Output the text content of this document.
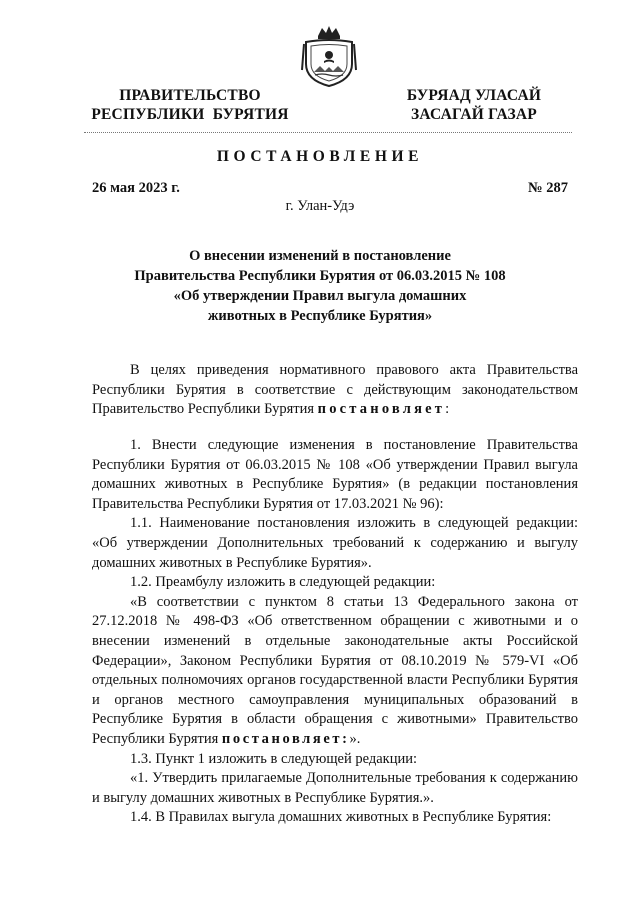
ПРАВИТЕЛЬСТВО
РЕСПУБЛИКИ  БУРЯТИЯ
БУРЯАД УЛАСАЙ
ЗАСАГАЙ ГАЗАР
ПОСТАНОВЛЕНИЕ
26 мая 2023 г.	№ 287
г. Улан-Удэ
О внесении изменений в постановление
Правительства Республики Бурятия от 06.03.2015 № 108
«Об утверждении Правил выгула домашних
животных в Республике Бурятия»

В целях приведения нормативного правового акта Правительства Республики Бурятия в соответствие с действующим законодательством Правительство Республики Бурятия постановляет:

1. Внести следующие изменения в постановление Правительства Республики Бурятия от 06.03.2015 № 108 «Об утверждении Правил выгула домашних животных в Республике Бурятия» (в редакции постановления Правительства Республики Бурятия от 17.03.2021 № 96):

1.1. Наименование постановления изложить в следующей редакции: «Об утверждении Дополнительных требований к содержанию и выгулу домашних животных в Республике Бурятия».

1.2. Преамбулу изложить в следующей редакции:

«В соответствии с пунктом 8 статьи 13 Федерального закона от 27.12.2018 № 498-ФЗ «Об ответственном обращении с животными и о внесении изменений в отдельные законодательные акты Российской Федерации», Законом Республики Бурятия от 08.10.2019 № 579-VI «Об отдельных полномочиях органов государственной власти Республики Бурятия и органов местного самоуправления муниципальных образований в Республике Бурятия в области обращения с животными» Правительство Республики Бурятия постановляет:».

1.3. Пункт 1 изложить в следующей редакции:

«1. Утвердить прилагаемые Дополнительные требования к содержанию и выгулу домашних животных в Республике Бурятия.».

1.4. В Правилах выгула домашних животных в Республике Бурятия:
